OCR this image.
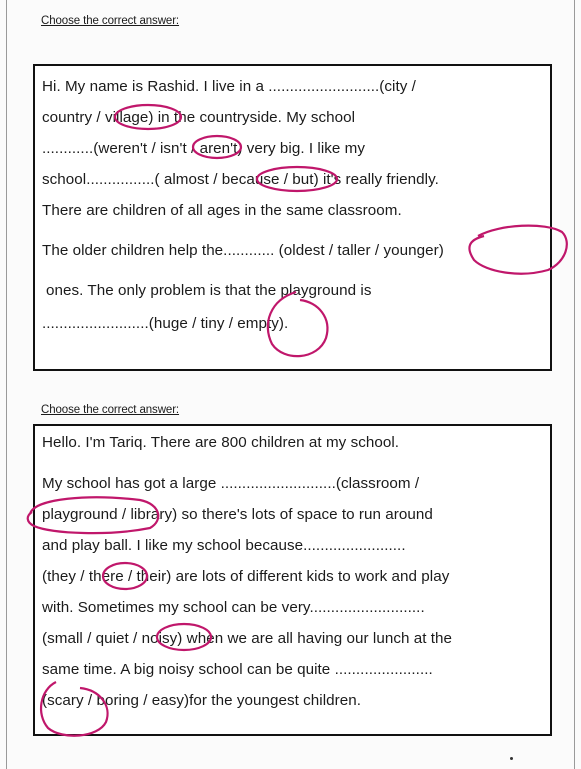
Choose the correct answer:
Hi. My name is Rashid. I live in a ..........................(city /
country / village) in the countryside. My school
............(weren't / isn't / aren't) very big. I like my
school................( almost / because / but) it's really friendly.
There are children of all ages in the same classroom.
The older children help the............ (oldest / taller / younger)
ones. The only problem is that the playground is
.........................(huge / tiny / empty).
Choose the correct answer:
Hello. I'm Tariq. There are 800 children at my school.
My school has got a large ...........................(classroom /
playground / library) so there's lots of space to run around
and play ball. I like my school because........................
(they / there / their) are lots of different kids to work and play
with. Sometimes my school can be very...........................
(small / quiet / noisy) when we are all having our lunch at the
same time. A big noisy school can be quite .......................
(scary / boring / easy)for the youngest children.
